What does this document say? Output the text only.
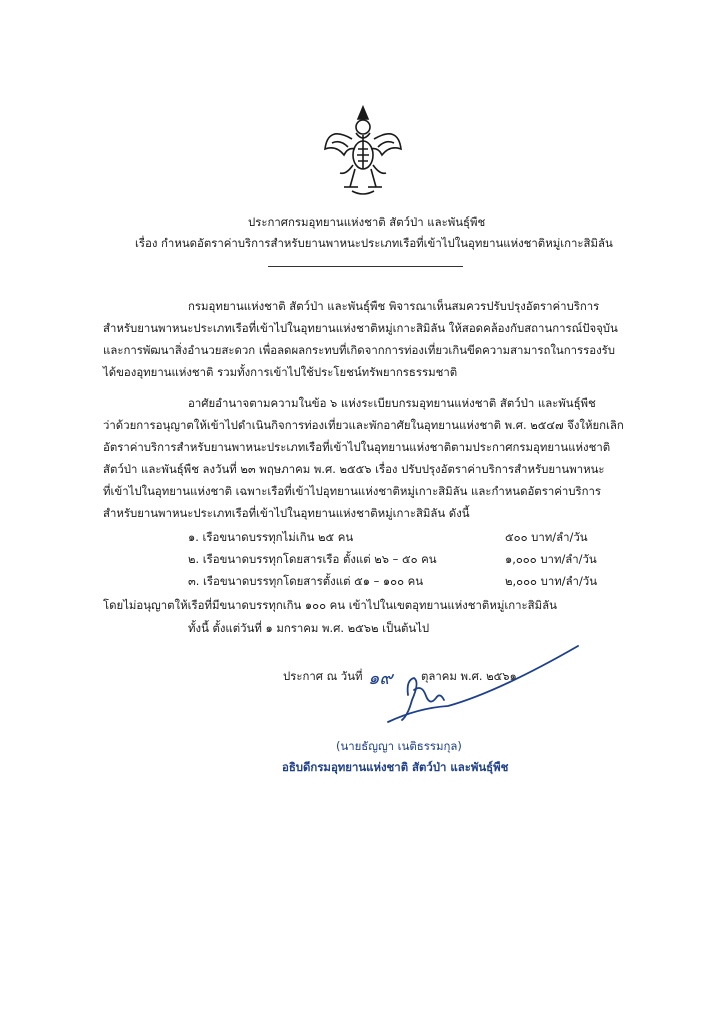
ประกาศกรมอุทยานแห่งชาติ สัตว์ป่า และพันธุ์พืช
เรื่อง กำหนดอัตราค่าบริการสำหรับยานพาหนะประเภทเรือที่เข้าไปในอุทยานแห่งชาติหมู่เกาะสิมิลัน
กรมอุทยานแห่งชาติ สัตว์ป่า และพันธุ์พืช พิจารณาเห็นสมควรปรับปรุงอัตราค่าบริการ
สำหรับยานพาหนะประเภทเรือที่เข้าไปในอุทยานแห่งชาติหมู่เกาะสิมิลัน ให้สอดคล้องกับสถานการณ์ปัจจุบัน
และการพัฒนาสิ่งอำนวยสะดวก เพื่อลดผลกระทบที่เกิดจากการท่องเที่ยวเกินขีดความสามารถในการรองรับ
ได้ของอุทยานแห่งชาติ รวมทั้งการเข้าไปใช้ประโยชน์ทรัพยากรธรรมชาติ
อาศัยอำนาจตามความในข้อ ๖ แห่งระเบียบกรมอุทยานแห่งชาติ สัตว์ป่า และพันธุ์พืช
ว่าด้วยการอนุญาตให้เข้าไปดำเนินกิจการท่องเที่ยวและพักอาศัยในอุทยานแห่งชาติ พ.ศ. ๒๕๔๗ จึงให้ยกเลิก
อัตราค่าบริการสำหรับยานพาหนะประเภทเรือที่เข้าไปในอุทยานแห่งชาติตามประกาศกรมอุทยานแห่งชาติ
สัตว์ป่า และพันธุ์พืช ลงวันที่ ๒๓ พฤษภาคม พ.ศ. ๒๕๕๖ เรื่อง ปรับปรุงอัตราค่าบริการสำหรับยานพาหนะ
ที่เข้าไปในอุทยานแห่งชาติ เฉพาะเรือที่เข้าไปอุทยานแห่งชาติหมู่เกาะสิมิลัน และกำหนดอัตราค่าบริการ
สำหรับยานพาหนะประเภทเรือที่เข้าไปในอุทยานแห่งชาติหมู่เกาะสิมิลัน ดังนี้
๑. เรือขนาดบรรทุกไม่เกิน ๒๕ คน	๕๐๐ บาท/ลำ/วัน
๒. เรือขนาดบรรทุกโดยสารเรือ ตั้งแต่ ๒๖ – ๕๐ คน	๑,๐๐๐ บาท/ลำ/วัน
๓. เรือขนาดบรรทุกโดยสารตั้งแต่ ๕๑ – ๑๐๐ คน	๒,๐๐๐ บาท/ลำ/วัน
โดยไม่อนุญาตให้เรือที่มีขนาดบรรทุกเกิน ๑๐๐ คน เข้าไปในเขตอุทยานแห่งชาติหมู่เกาะสิมิลัน
ทั้งนี้ ตั้งแต่วันที่ ๑ มกราคม พ.ศ. ๒๕๖๒ เป็นต้นไป
ประกาศ ณ วันที่ ๑๙ ตุลาคม พ.ศ. ๒๕๖๑
(นายธัญญา เนติธรรมกุล)
อธิบดีกรมอุทยานแห่งชาติ สัตว์ป่า และพันธุ์พืช
